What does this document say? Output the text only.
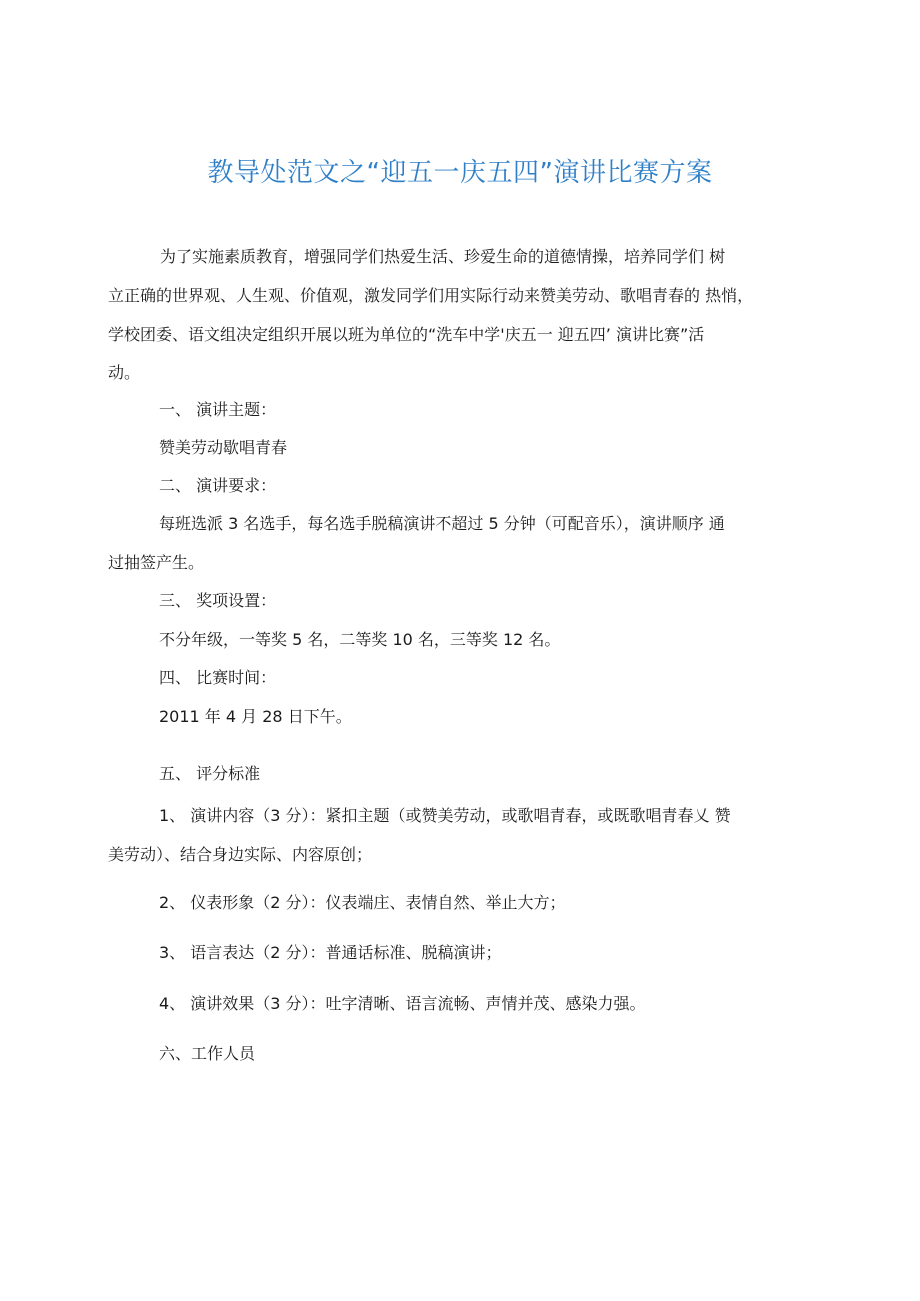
教导处范文之“迎五一庆五四”演讲比赛方案
为了实施素质教育，增强同学们热爱生活、珍爱生命的道德情操，培养同学们 树
立正确的世界观、人生观、价值观，激发同学们用实际行动来赞美劳动、歌唱青春的 热悄，
学校团委、语文组决定组织开展以班为单位的“洗车中学'庆五一 迎五四’ 演讲比赛”活
动。
一、 演讲主题：
赞美劳动歇唱青春
二、 演讲要求：
每班选派 3 名选手，每名选手脱稿演讲不超过 5 分钟（可配音乐），演讲顺序 通
过抽签产生。
三、 奖项设置：
不分年级，一等奖 5 名，二等奖 10 名，三等奖 12 名。
四、 比赛时间：
2011 年 4 月 28 日下午。
五、 评分标准
1、 演讲内容（3 分）：紧扣主题（或赞美劳动，或歌唱青春，或既歌唱青春乂 赞
美劳动）、结合身边实际、内容原创；
2、 仪表形象（2 分）：仪表端庄、表情自然、举止大方；
3、 语言表达（2 分）：普通话标准、脱稿演讲；
4、 演讲效果（3 分）：吐字清晰、语言流畅、声情并茂、感染力强。
六、工作人员
